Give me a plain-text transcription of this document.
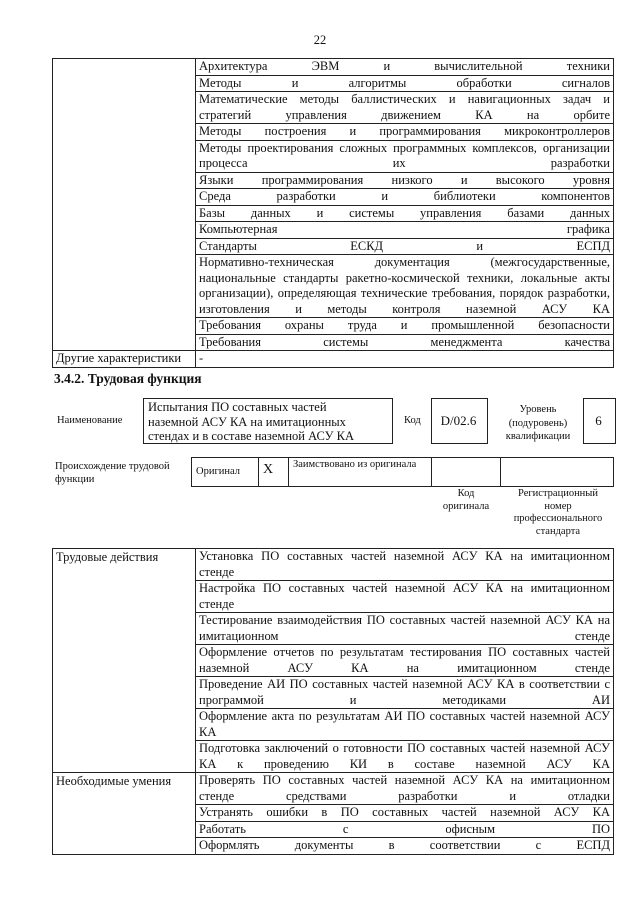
22
	Архитектура ЭВМ и вычислительной техники
	Методы и алгоритмы обработки сигналов
	Математические методы баллистических и навигационных задач и стратегий управления движением КА на орбите
	Методы построения и программирования микроконтроллеров
	Методы проектирования сложных программных комплексов, организации процесса их разработки
	Языки программирования низкого и высокого уровня
	Среда разработки и библиотеки компонентов
	Базы данных и системы управления базами данных
	Компьютерная графика
	Стандарты ЕСКД и ЕСПД
	Нормативно-техническая документация (межгосударственные, национальные стандарты ракетно-космической техники, локальные акты организации), определяющая технические требования, порядок разработки, изготовления и методы контроля наземной АСУ КА
	Требования охраны труда и промышленной безопасности
	Требования системы менеджмента качества
Другие характеристики	-
3.4.2. Трудовая функция
Наименование
Испытания ПО составных частей наземной АСУ КА на имитационных стендах и в составе наземной АСУ КА
Код	D/02.6
Уровень (подуровень) квалификации
6
Происхождение трудовой функции
Оригинал	X	Заимствовано из оригинала
Код оригинала
Регистрационный номер профессионального стандарта
Трудовые действия	Установка ПО составных частей наземной АСУ КА на имитационном стенде
	Настройка ПО составных частей наземной АСУ КА на имитационном стенде
	Тестирование взаимодействия ПО составных частей наземной АСУ КА на имитационном стенде
	Оформление отчетов по результатам тестирования ПО составных частей наземной АСУ КА на имитационном стенде
	Проведение АИ ПО составных частей наземной АСУ КА в соответствии с программой и методиками АИ
	Оформление акта по результатам АИ ПО составных частей наземной АСУ КА
	Подготовка заключений о готовности ПО составных частей наземной АСУ КА к проведению КИ в составе наземной АСУ КА
Необходимые умения	Проверять ПО составных частей наземной АСУ КА на имитационном стенде средствами разработки и отладки
	Устранять ошибки в ПО составных частей наземной АСУ КА
	Работать с офисным ПО
	Оформлять документы в соответствии с ЕСПД
